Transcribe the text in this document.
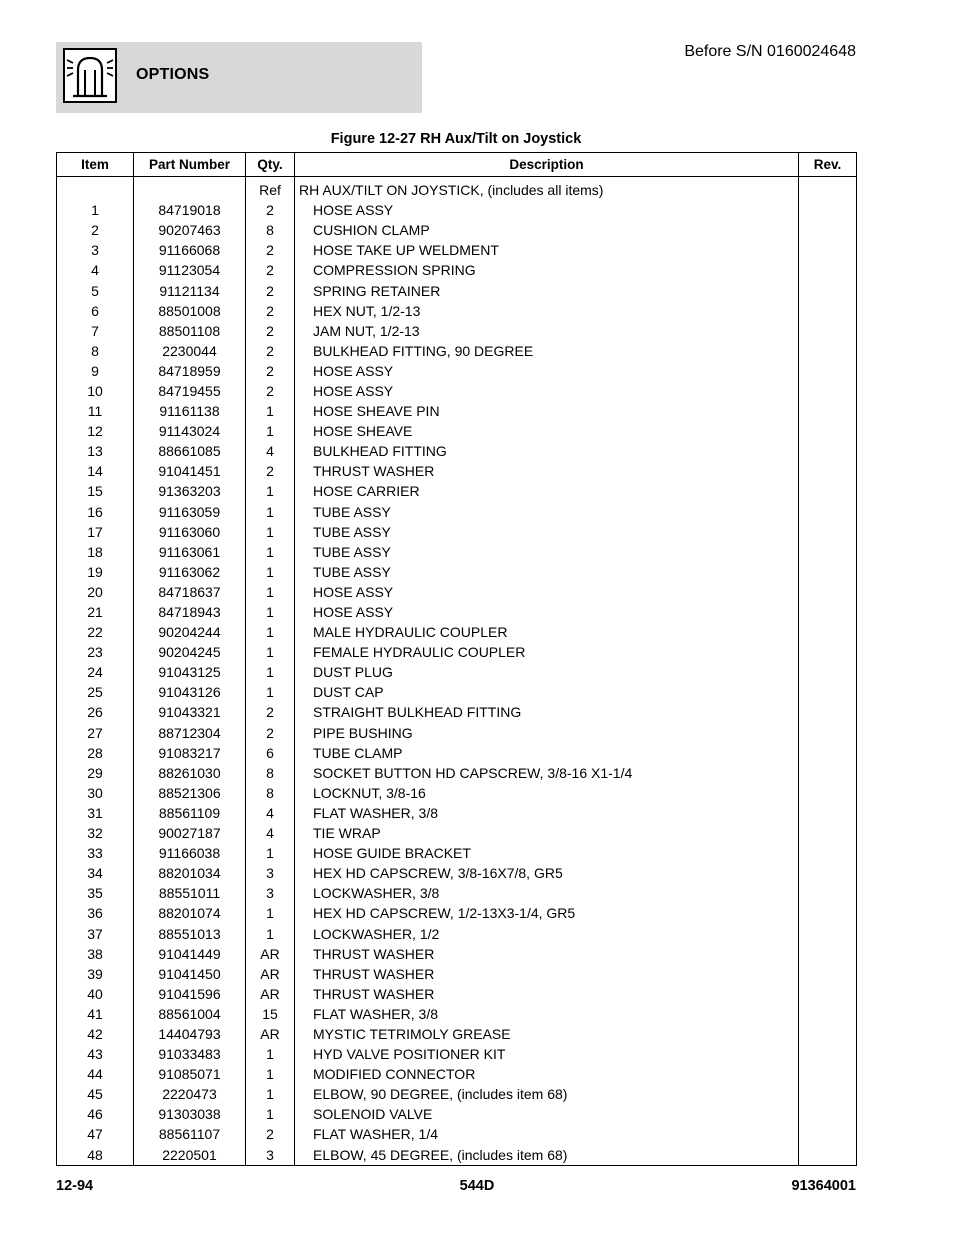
OPTIONS
Before S/N 0160024648
Figure 12-27 RH Aux/Tilt on Joystick
Item	Part Number	Qty.	Description	Rev.

		Ref	RH AUX/TILT ON JOYSTICK, (includes all items)	
1	84719018	2	HOSE ASSY	
2	90207463	8	CUSHION CLAMP	
3	91166068	2	HOSE TAKE UP WELDMENT	
4	91123054	2	COMPRESSION SPRING	
5	91121134	2	SPRING RETAINER	
6	88501008	2	HEX NUT, 1/2-13	
7	88501108	2	JAM NUT, 1/2-13	
8	2230044	2	BULKHEAD FITTING, 90 DEGREE	
9	84718959	2	HOSE ASSY	
10	84719455	2	HOSE ASSY	
11	91161138	1	HOSE SHEAVE PIN	
12	91143024	1	HOSE SHEAVE	
13	88661085	4	BULKHEAD FITTING	
14	91041451	2	THRUST WASHER	
15	91363203	1	HOSE CARRIER	
16	91163059	1	TUBE ASSY	
17	91163060	1	TUBE ASSY	
18	91163061	1	TUBE ASSY	
19	91163062	1	TUBE ASSY	
20	84718637	1	HOSE ASSY	
21	84718943	1	HOSE ASSY	
22	90204244	1	MALE HYDRAULIC COUPLER	
23	90204245	1	FEMALE HYDRAULIC COUPLER	
24	91043125	1	DUST PLUG	
25	91043126	1	DUST CAP	
26	91043321	2	STRAIGHT BULKHEAD FITTING	
27	88712304	2	PIPE BUSHING	
28	91083217	6	TUBE CLAMP	
29	88261030	8	SOCKET BUTTON HD CAPSCREW, 3/8-16 X1-1/4	
30	88521306	8	LOCKNUT, 3/8-16	
31	88561109	4	FLAT WASHER, 3/8	
32	90027187	4	TIE WRAP	
33	91166038	1	HOSE GUIDE BRACKET	
34	88201034	3	HEX HD CAPSCREW, 3/8-16X7/8, GR5	
35	88551011	3	LOCKWASHER, 3/8	
36	88201074	1	HEX HD CAPSCREW, 1/2-13X3-1/4, GR5	
37	88551013	1	LOCKWASHER, 1/2	
38	91041449	AR	THRUST WASHER	
39	91041450	AR	THRUST WASHER	
40	91041596	AR	THRUST WASHER	
41	88561004	15	FLAT WASHER, 3/8	
42	14404793	AR	MYSTIC TETRIMOLY GREASE	
43	91033483	1	HYD VALVE POSITIONER KIT	
44	91085071	1	MODIFIED CONNECTOR	
45	2220473	1	ELBOW, 90 DEGREE, (includes item 68)	
46	91303038	1	SOLENOID VALVE	
47	88561107	2	FLAT WASHER, 1/4	
48	2220501	3	ELBOW, 45 DEGREE, (includes item 68)	
12-94	544D	91364001
